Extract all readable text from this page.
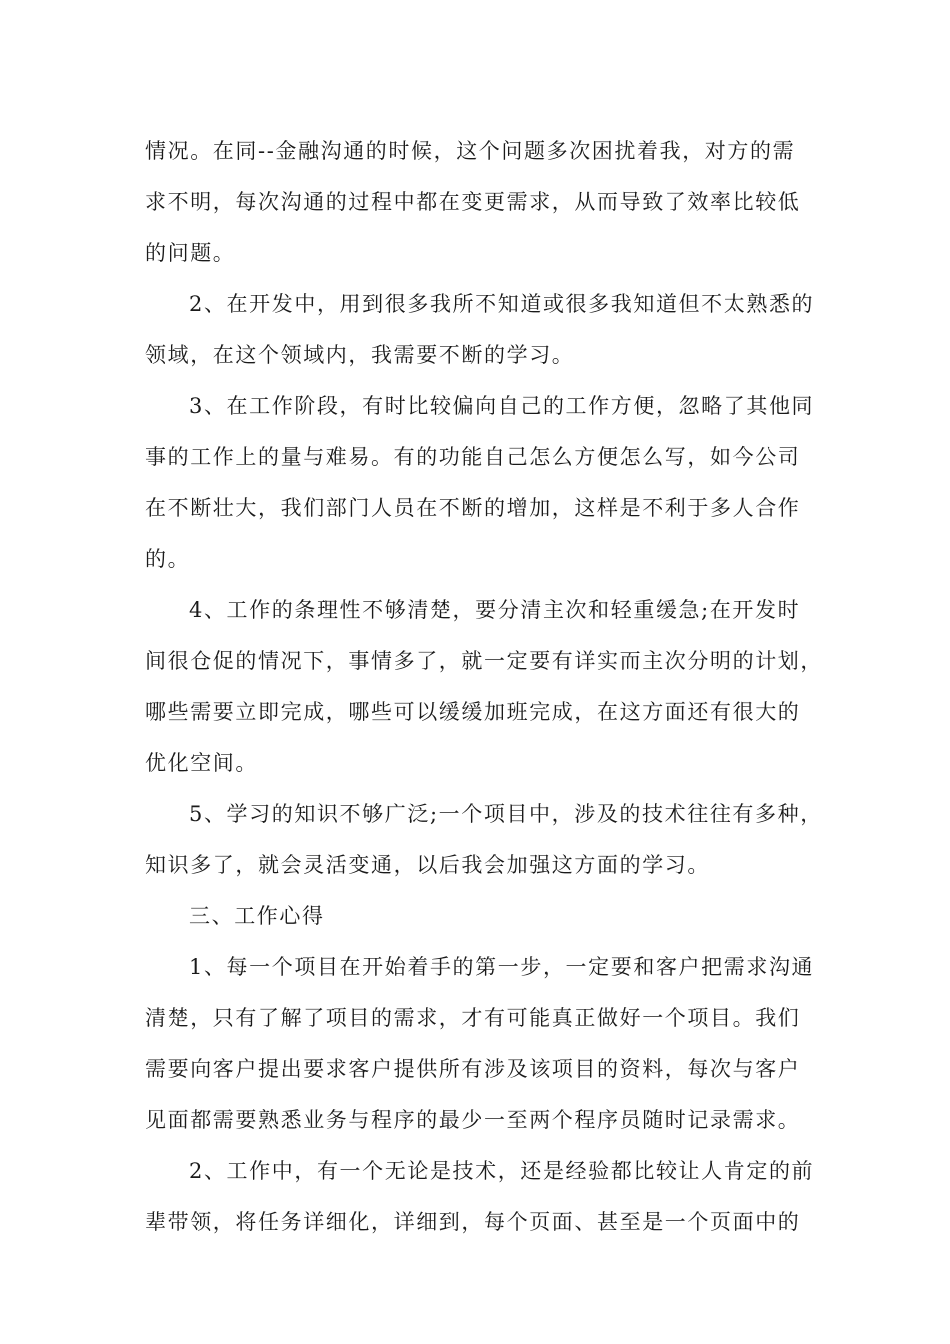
情况。在同--金融沟通的时候，这个问题多次困扰着我，对方的需
求不明，每次沟通的过程中都在变更需求，从而导致了效率比较低
的问题。
2、在开发中，用到很多我所不知道或很多我知道但不太熟悉的
领域，在这个领域内，我需要不断的学习。
3、在工作阶段，有时比较偏向自己的工作方便，忽略了其他同
事的工作上的量与难易。有的功能自己怎么方便怎么写，如今公司
在不断壮大，我们部门人员在不断的增加，这样是不利于多人合作
的。
4、工作的条理性不够清楚，要分清主次和轻重缓急;在开发时
间很仓促的情况下，事情多了，就一定要有详实而主次分明的计划，
哪些需要立即完成，哪些可以缓缓加班完成，在这方面还有很大的
优化空间。
5、学习的知识不够广泛;一个项目中，涉及的技术往往有多种，
知识多了，就会灵活变通，以后我会加强这方面的学习。
三、工作心得
1、每一个项目在开始着手的第一步，一定要和客户把需求沟通
清楚，只有了解了项目的需求，才有可能真正做好一个项目。我们
需要向客户提出要求客户提供所有涉及该项目的资料，每次与客户
见面都需要熟悉业务与程序的最少一至两个程序员随时记录需求。
2、工作中，有一个无论是技术，还是经验都比较让人肯定的前
辈带领，将任务详细化，详细到，每个页面、甚至是一个页面中的
